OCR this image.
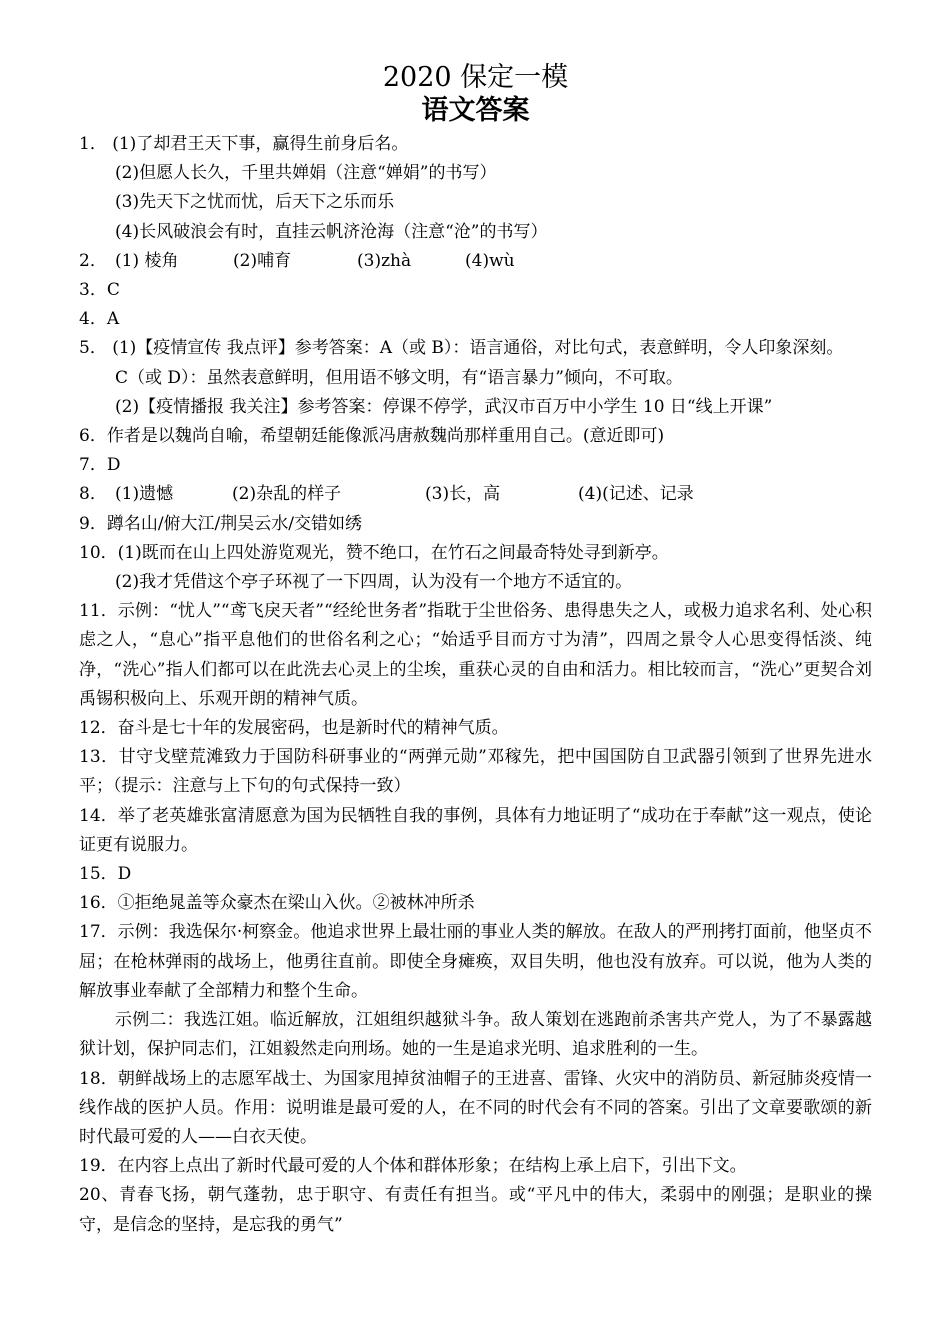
2020 保定一模
语文答案
1． (1)了却君王天下事，赢得生前身后名。
(2)但愿人长久，千里共婵娟（注意“婵娟”的书写）
(3)先天下之忧而忧，后天下之乐而乐
(4)长风破浪会有时，直挂云帆济沧海（注意“沧”的书写）
2． (1) 棱角	(2)哺育	(3)zhà	(4)wù
3．C
4．A
5． (1)【疫情宣传 我点评】参考答案：A（或 B）：语言通俗，对比句式，表意鲜明，令人印象深刻。
C（或 D）：虽然表意鲜明，但用语不够文明，有“语言暴力”倾向，不可取。
(2)【疫情播报 我关注】参考答案：停课不停学，武汉市百万中小学生 10 日“线上开课”
6．作者是以魏尚自喻，希望朝廷能像派冯唐赦魏尚那样重用自己。(意近即可)
7．D
8． (1)遗憾	(2)杂乱的样子	(3)长，高	(4)(记述、记录
9．蹲名山/俯大江/荆吴云水/交错如绣
10．(1)既而在山上四处游览观光，赞不绝口，在竹石之间最奇特处寻到新亭。
(2)我才凭借这个亭子环视了一下四周，认为没有一个地方不适宜的。
11．示例：“忧人”“鸢飞戾天者”“经纶世务者”指耽于尘世俗务、患得患失之人，或极力追求名利、处心积虑之人，“息心”指平息他们的世俗名利之心；“始适乎目而方寸为清”，四周之景令人心思变得恬淡、纯净，“洗心”指人们都可以在此洗去心灵上的尘埃，重获心灵的自由和活力。相比较而言，“洗心”更契合刘禹锡积极向上、乐观开朗的精神气质。
12．奋斗是七十年的发展密码，也是新时代的精神气质。
13．甘守戈壁荒滩致力于国防科研事业的“两弹元勋”邓稼先，把中国国防自卫武器引领到了世界先进水平；（提示：注意与上下句的句式保持一致）
14．举了老英雄张富清愿意为国为民牺牲自我的事例，具体有力地证明了“成功在于奉献”这一观点，使论证更有说服力。
15．D
16．①拒绝晁盖等众豪杰在梁山入伙。②被林冲所杀
17．示例：我选保尔·柯察金。他追求世界上最壮丽的事业人类的解放。在敌人的严刑拷打面前，他坚贞不屈；在枪林弹雨的战场上，他勇往直前。即使全身瘫痪，双目失明，他也没有放弃。可以说，他为人类的解放事业奉献了全部精力和整个生命。
示例二：我选江姐。临近解放，江姐组织越狱斗争。敌人策划在逃跑前杀害共产党人，为了不暴露越狱计划，保护同志们，江姐毅然走向刑场。她的一生是追求光明、追求胜利的一生。
18．朝鲜战场上的志愿军战士、为国家甩掉贫油帽子的王进喜、雷锋、火灾中的消防员、新冠肺炎疫情一线作战的医护人员。作用：说明谁是最可爱的人，在不同的时代会有不同的答案。引出了文章要歌颂的新时代最可爱的人——白衣天使。
19．在内容上点出了新时代最可爱的人个体和群体形象；在结构上承上启下，引出下文。
20、青春飞扬，朝气蓬勃，忠于职守、有责任有担当。或“平凡中的伟大，柔弱中的刚强；是职业的操守，是信念的坚持，是忘我的勇气”
